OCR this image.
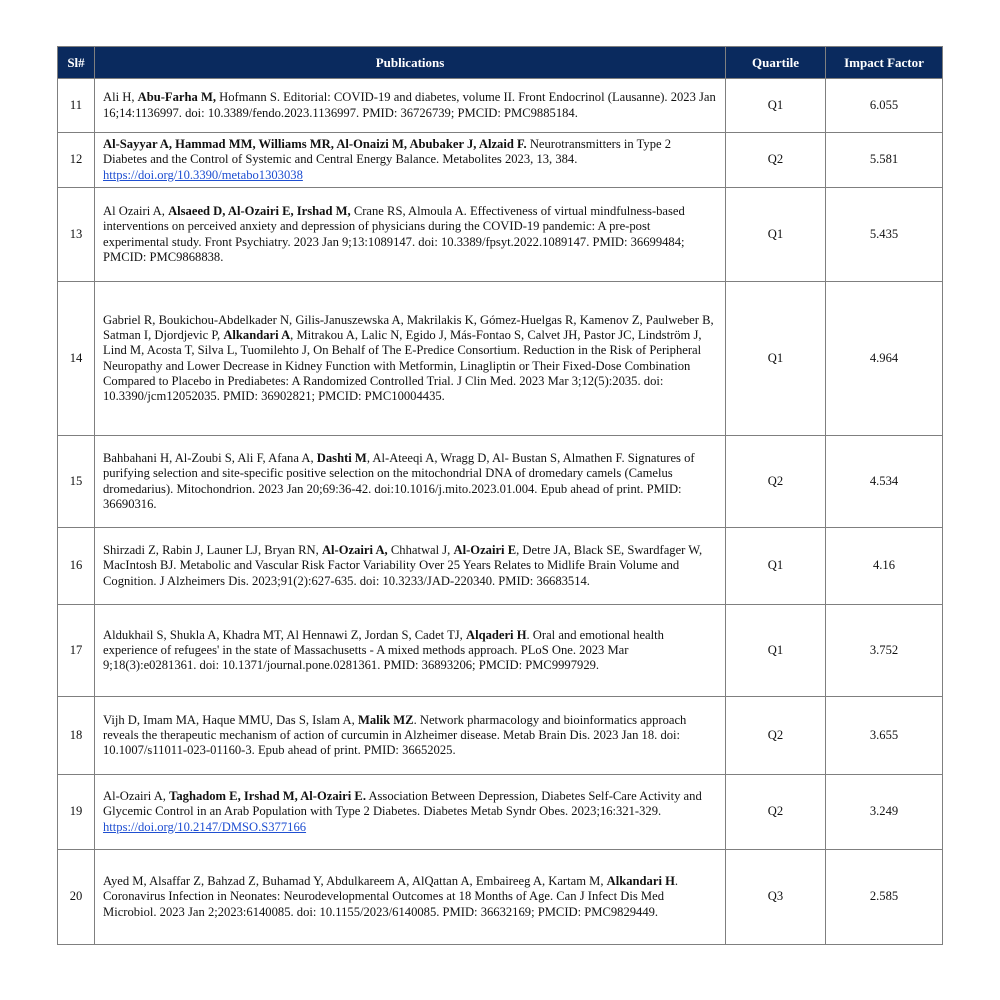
Sl#	Publications	Quartile	Impact Factor
11	Ali H, Abu-Farha M, Hofmann S. Editorial: COVID-19 and diabetes, volume II. Front Endocrinol (Lausanne). 2023 Jan 16;14:1136997. doi: 10.3389/fendo.2023.1136997. PMID: 36726739; PMCID: PMC9885184.	Q1	6.055
12	Al-Sayyar A, Hammad MM, Williams MR, Al-Onaizi M, Abubaker J, Alzaid F. Neurotransmitters in Type 2 Diabetes and the Control of Systemic and Central Energy Balance. Metabolites 2023, 13, 384. https://doi.org/10.3390/metabo1303038	Q2	5.581
13	Al Ozairi A, Alsaeed D, Al-Ozairi E, Irshad M, Crane RS, Almoula A. Effectiveness of virtual mindfulness-based interventions on perceived anxiety and depression of physicians during the COVID-19 pandemic: A pre-post experimental study. Front Psychiatry. 2023 Jan 9;13:1089147. doi: 10.3389/fpsyt.2022.1089147. PMID: 36699484; PMCID: PMC9868838.	Q1	5.435
14	Gabriel R, Boukichou-Abdelkader N, Gilis-Januszewska A, Makrilakis K, Gómez-Huelgas R, Kamenov Z, Paulweber B, Satman I, Djordjevic P, Alkandari A, Mitrakou A, Lalic N, Egido J, Más-Fontao S, Calvet JH, Pastor JC, Lindström J, Lind M, Acosta T, Silva L, Tuomilehto J, On Behalf of The E-Predice Consortium. Reduction in the Risk of Peripheral Neuropathy and Lower Decrease in Kidney Function with Metformin, Linagliptin or Their Fixed-Dose Combination Compared to Placebo in Prediabetes: A Randomized Controlled Trial. J Clin Med. 2023 Mar 3;12(5):2035. doi: 10.3390/jcm12052035. PMID: 36902821; PMCID: PMC10004435.	Q1	4.964
15	Bahbahani H, Al-Zoubi S, Ali F, Afana A, Dashti M, Al-Ateeqi A, Wragg D, Al- Bustan S, Almathen F. Signatures of purifying selection and site-specific positive selection on the mitochondrial DNA of dromedary camels (Camelus dromedarius). Mitochondrion. 2023 Jan 20;69:36-42. doi:10.1016/j.mito.2023.01.004. Epub ahead of print. PMID: 36690316.	Q2	4.534
16	Shirzadi Z, Rabin J, Launer LJ, Bryan RN, Al-Ozairi A, Chhatwal J, Al-Ozairi E, Detre JA, Black SE, Swardfager W, MacIntosh BJ. Metabolic and Vascular Risk Factor Variability Over 25 Years Relates to Midlife Brain Volume and Cognition. J Alzheimers Dis. 2023;91(2):627-635. doi: 10.3233/JAD-220340. PMID: 36683514.	Q1	4.16
17	Aldukhail S, Shukla A, Khadra MT, Al Hennawi Z, Jordan S, Cadet TJ, Alqaderi H. Oral and emotional health experience of refugees' in the state of Massachusetts - A mixed methods approach. PLoS One. 2023 Mar 9;18(3):e0281361. doi: 10.1371/journal.pone.0281361. PMID: 36893206; PMCID: PMC9997929.	Q1	3.752
18	Vijh D, Imam MA, Haque MMU, Das S, Islam A, Malik MZ. Network pharmacology and bioinformatics approach reveals the therapeutic mechanism of action of curcumin in Alzheimer disease. Metab Brain Dis. 2023 Jan 18. doi: 10.1007/s11011-023-01160-3. Epub ahead of print. PMID: 36652025.	Q2	3.655
19	Al-Ozairi A, Taghadom E, Irshad M, Al-Ozairi E. Association Between Depression, Diabetes Self-Care Activity and Glycemic Control in an Arab Population with Type 2 Diabetes. Diabetes Metab Syndr Obes. 2023;16:321-329. https://doi.org/10.2147/DMSO.S377166	Q2	3.249
20	Ayed M, Alsaffar Z, Bahzad Z, Buhamad Y, Abdulkareem A, AlQattan A, Embaireeg A, Kartam M, Alkandari H. Coronavirus Infection in Neonates: Neurodevelopmental Outcomes at 18 Months of Age. Can J Infect Dis Med Microbiol. 2023 Jan 2;2023:6140085. doi: 10.1155/2023/6140085. PMID: 36632169; PMCID: PMC9829449.	Q3	2.585
